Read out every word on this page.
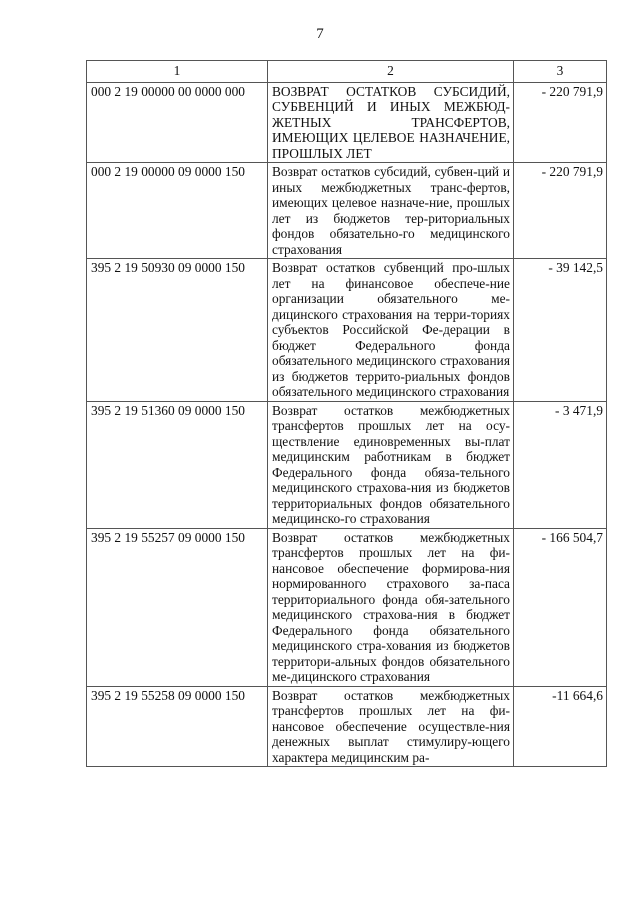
7
1	2	3
000 2 19 00000 00 0000 000	ВОЗВРАТ ОСТАТКОВ СУБСИДИЙ, СУБВЕНЦИЙ И ИНЫХ МЕЖБЮД-ЖЕТНЫХ ТРАНСФЕРТОВ, ИМЕЮЩИХ ЦЕЛЕВОЕ НАЗНАЧЕНИЕ, ПРОШЛЫХ ЛЕТ	- 220 791,9
000 2 19 00000 09 0000 150	Возврат остатков субсидий, субвен-ций и иных межбюджетных транс-фертов, имеющих целевое назначе-ние, прошлых лет из бюджетов тер-риториальных фондов обязательно-го медицинского страхования	- 220 791,9
395 2 19 50930 09 0000 150	Возврат остатков субвенций про-шлых лет на финансовое обеспече-ние организации обязательного ме-дицинского страхования на терри-ториях субъектов Российской Фе-дерации в бюджет Федерального фонда обязательного медицинского страхования из бюджетов террито-риальных фондов обязательного медицинского страхования	- 39 142,5
395 2 19 51360 09 0000 150	Возврат остатков межбюджетных трансфертов прошлых лет на осу-ществление единовременных вы-плат медицинским работникам в бюджет Федерального фонда обяза-тельного медицинского страхова-ния из бюджетов территориальных фондов обязательного медицинско-го страхования	- 3 471,9
395 2 19 55257 09 0000 150	Возврат остатков межбюджетных трансфертов прошлых лет на фи-нансовое обеспечение формирова-ния нормированного страхового за-паса территориального фонда обя-зательного медицинского страхова-ния в бюджет Федерального фонда обязательного медицинского стра-хования из бюджетов территори-альных фондов обязательного ме-дицинского страхования	- 166 504,7
395 2 19 55258 09 0000 150	Возврат остатков межбюджетных трансфертов прошлых лет на фи-нансовое обеспечение осуществле-ния денежных выплат стимулиру-ющего характера медицинским ра-	-11 664,6
